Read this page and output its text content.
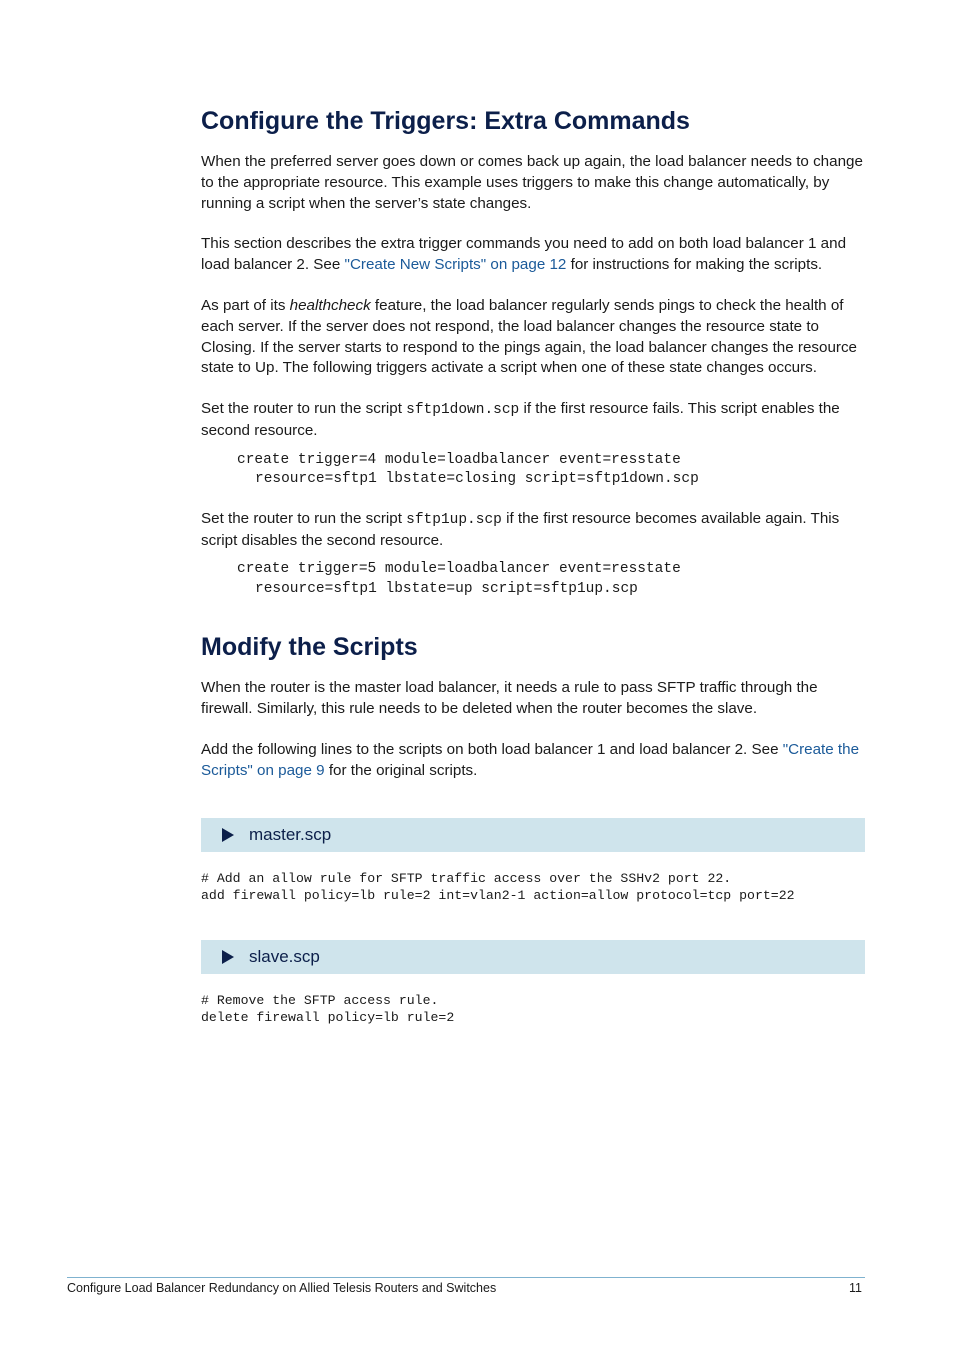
Configure the Triggers: Extra Commands

When the preferred server goes down or comes back up again, the load balancer needs to change to the appropriate resource. This example uses triggers to make this change automatically, by running a script when the server’s state changes.

This section describes the extra trigger commands you need to add on both load balancer 1 and load balancer 2. See "Create New Scripts" on page 12 for instructions for making the scripts.

As part of its healthcheck feature, the load balancer regularly sends pings to check the health of each server. If the server does not respond, the load balancer changes the resource state to Closing. If the server starts to respond to the pings again, the load balancer changes the resource state to Up. The following triggers activate a script when one of these state changes occurs.

Set the router to run the script sftp1down.scp if the first resource fails. This script enables the second resource.

create trigger=4 module=loadbalancer event=resstate
resource=sftp1 lbstate=closing script=sftp1down.scp

Set the router to run the script sftp1up.scp if the first resource becomes available again. This script disables the second resource.

create trigger=5 module=loadbalancer event=resstate
resource=sftp1 lbstate=up script=sftp1up.scp
Modify the Scripts

When the router is the master load balancer, it needs a rule to pass SFTP traffic through the firewall. Similarly, this rule needs to be deleted when the router becomes the slave.

Add the following lines to the scripts on both load balancer 1 and load balancer 2. See "Create the Scripts" on page 9 for the original scripts.

master.scp
# Add an allow rule for SFTP traffic access over the SSHv2 port 22.
add firewall policy=lb rule=2 int=vlan2-1 action=allow protocol=tcp port=22
slave.scp
# Remove the SFTP access rule.
delete firewall policy=lb rule=2
Configure Load Balancer Redundancy on Allied Telesis Routers and Switches	11
